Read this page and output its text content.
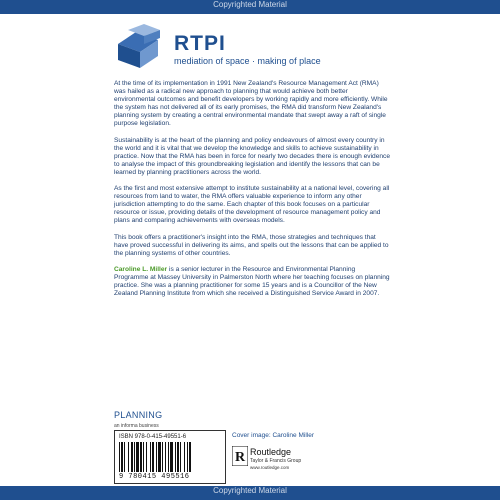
Copyrighted Material
RTPI
mediation of space · making of place

At the time of its implementation in 1991 New Zealand's Resource Management Act (RMA) was hailed as a radical new approach to planning that would achieve both better environmental outcomes and benefit developers by working rapidly and more efficiently. While the system has not delivered all of its early promises, the RMA did transform New Zealand's planning system by creating a central environmental mandate that swept away a raft of single purpose legislation.

Sustainability is at the heart of the planning and policy endeavours of almost every country in the world and it is vital that we develop the knowledge and skills to achieve sustainability in practice. Now that the RMA has been in force for nearly two decades there is enough evidence to analyse the impact of this groundbreaking legislation and identify the lessons that can be learned by planning practitioners across the world.

As the first and most extensive attempt to institute sustainability at a national level, covering all resources from land to water, the RMA offers valuable experience to inform any other jurisdiction attempting to do the same. Each chapter of this book focuses on a particular resource or issue, providing details of the development of resource management policy and plans and comparing achievements with overseas models.

This book offers a practitioner's insight into the RMA, those strategies and techniques that have proved successful in delivering its aims, and spells out the lessons that can be applied to the planning systems of other countries.

Caroline L. Miller is a senior lecturer in the Resource and Environmental Planning Programme at Massey University in Palmerston North where her teaching focuses on planning practice. She was a planning practitioner for some 15 years and is a Councillor of the New Zealand Planning Institute from which she received a Distinguished Service Award in 2007.

PLANNING
an informa business
ISBN 978-0-415-49551-6
9 780415 495516
Cover image: Caroline Miller
R Routledge
Taylor & Francis Group
www.routledge.com
Copyrighted Material
